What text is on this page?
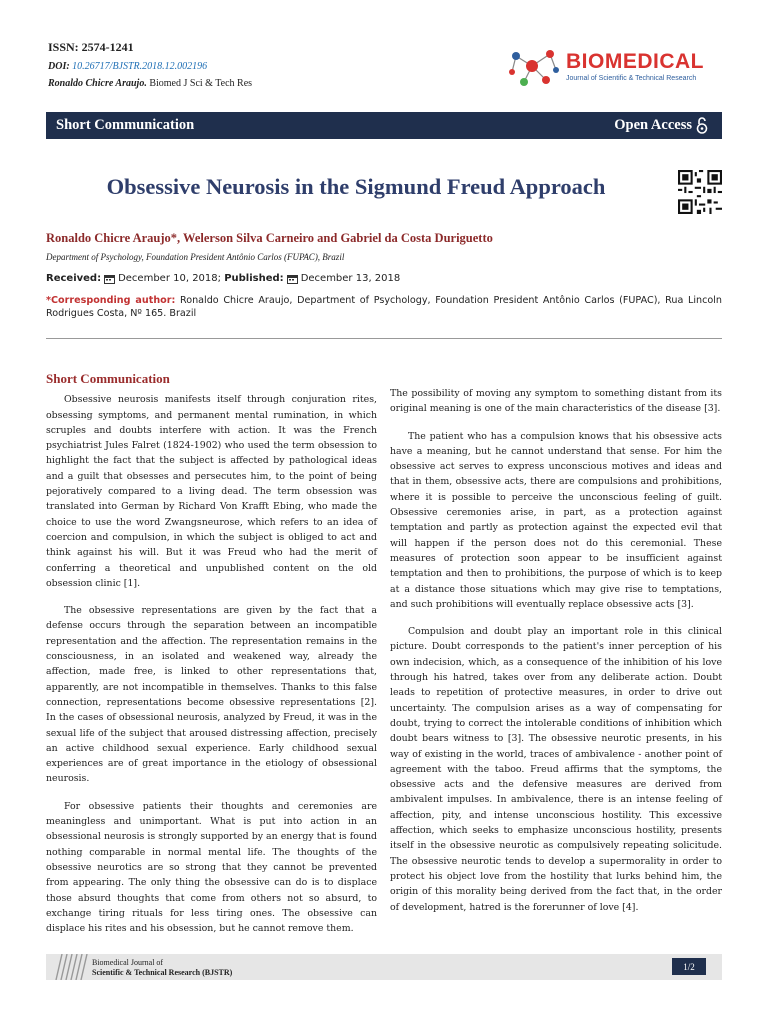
ISSN: 2574-1241
DOI: 10.26717/BJSTR.2018.12.002196
Ronaldo Chicre Araujo. Biomed J Sci & Tech Res
BIOMEDICAL
Journal of Scientific & Technical Research
Short Communication	Open Access
Obsessive Neurosis in the Sigmund Freud Approach
Ronaldo Chicre Araujo*, Welerson Silva Carneiro and Gabriel da Costa Duriguetto
Department of Psychology, Foundation President Antônio Carlos (FUPAC), Brazil
Received: December 10, 2018;
Published: December 13, 2018
*Corresponding author: Ronaldo Chicre Araujo, Department of Psychology, Foundation President Antônio Carlos (FUPAC), Rua Lincoln Rodrigues Costa, Nº 165. Brazil
Short Communication

Obsessive neurosis manifests itself through conjuration rites, obsessing symptoms, and permanent mental rumination, in which scruples and doubts interfere with action. It was the French psychiatrist Jules Falret (1824-1902) who used the term obsession to highlight the fact that the subject is affected by pathological ideas and a guilt that obsesses and persecutes him, to the point of being pejoratively compared to a living dead. The term obsession was translated into German by Richard Von Krafft Ebing, who made the choice to use the word Zwangsneurose, which refers to an idea of coercion and compulsion, in which the subject is obliged to act and think against his will. But it was Freud who had the merit of conferring a theoretical and unpublished content on the old obsession clinic [1].

The obsessive representations are given by the fact that a defense occurs through the separation between an incompatible representation and the affection. The representation remains in the consciousness, in an isolated and weakened way, already the affection, made free, is linked to other representations that, apparently, are not incompatible in themselves. Thanks to this false connection, representations become obsessive representations [2]. In the cases of obsessional neurosis, analyzed by Freud, it was in the sexual life of the subject that aroused distressing affection, precisely an active childhood sexual experience. Early childhood sexual experiences are of great importance in the etiology of obsessional neurosis.

For obsessive patients their thoughts and ceremonies are meaningless and unimportant. What is put into action in an obsessional neurosis is strongly supported by an energy that is found nothing comparable in normal mental life. The thoughts of the obsessive neurotics are so strong that they cannot be prevented from appearing. The only thing the obsessive can do is to displace those absurd thoughts that come from others not so absurd, to exchange tiring rituals for less tiring ones. The obsessive can displace his rites and his obsession, but he cannot remove them.

The possibility of moving any symptom to something distant from its original meaning is one of the main characteristics of the disease [3].

The patient who has a compulsion knows that his obsessive acts have a meaning, but he cannot understand that sense. For him the obsessive act serves to express unconscious motives and ideas and that in them, obsessive acts, there are compulsions and prohibitions, where it is possible to perceive the unconscious feeling of guilt. Obsessive ceremonies arise, in part, as a protection against temptation and partly as protection against the expected evil that will happen if the person does not do this ceremonial. These measures of protection soon appear to be insufficient against temptation and then to prohibitions, the purpose of which is to keep at a distance those situations which may give rise to temptations, and such prohibitions will eventually replace obsessive acts [3].

Compulsion and doubt play an important role in this clinical picture. Doubt corresponds to the patient's inner perception of his own indecision, which, as a consequence of the inhibition of his love through his hatred, takes over from any deliberate action. Doubt leads to repetition of protective measures, in order to drive out uncertainty. The compulsion arises as a way of compensating for doubt, trying to correct the intolerable conditions of inhibition which doubt bears witness to [3]. The obsessive neurotic presents, in his way of existing in the world, traces of ambivalence - another point of agreement with the taboo. Freud affirms that the symptoms, the obsessive acts and the defensive measures are derived from ambivalent impulses. In ambivalence, there is an intense feeling of affection, pity, and intense unconscious hostility. This excessive affection, which seeks to emphasize unconscious hostility, presents itself in the obsessive neurotic as compulsively repeating solicitude. The obsessive neurotic tends to develop a supermorality in order to protect his object love from the hostility that lurks behind him, the origin of this morality being derived from the fact that, in the order of development, hatred is the forerunner of love [4].

Biomedical Journal of
Scientific & Technical Research (BJSTR)
1/2
